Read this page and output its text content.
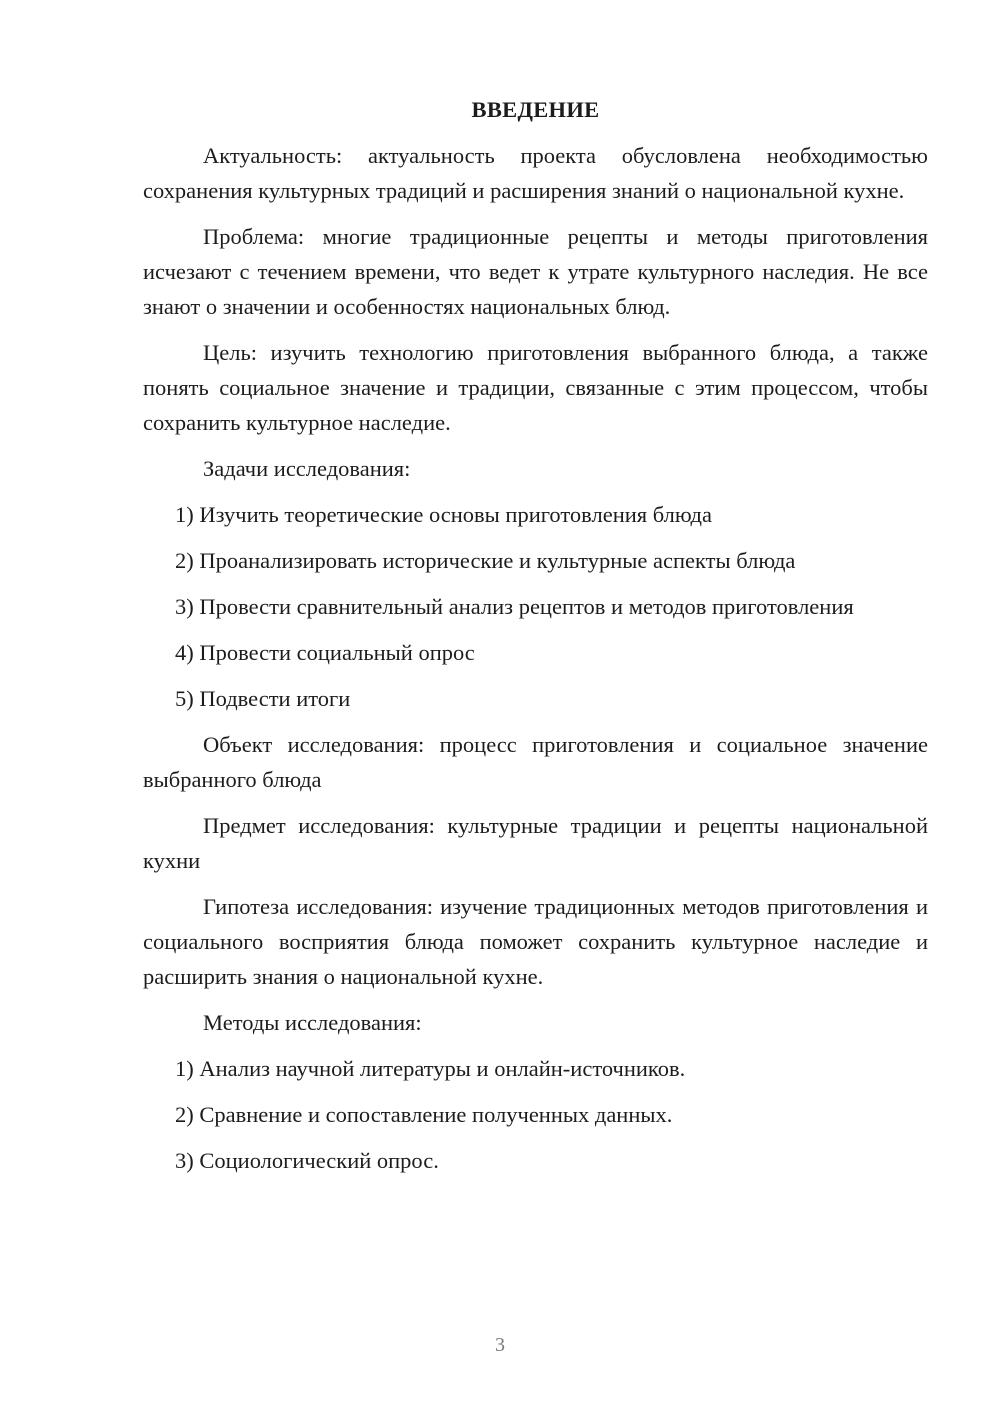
ВВЕДЕНИЕ

Актуальность: актуальность проекта обусловлена необходимостью сохранения культурных традиций и расширения знаний о национальной кухне.

Проблема: многие традиционные рецепты и методы приготовления исчезают с течением времени, что ведет к утрате культурного наследия. Не все знают о значении и особенностях национальных блюд.

Цель: изучить технологию приготовления выбранного блюда, а также понять социальное значение и традиции, связанные с этим процессом, чтобы сохранить культурное наследие.

Задачи исследования:

1) Изучить теоретические основы приготовления блюда

2) Проанализировать исторические и культурные аспекты блюда

3) Провести сравнительный анализ рецептов и методов приготовления

4) Провести социальный опрос

5) Подвести итоги

Объект исследования: процесс приготовления и социальное значение выбранного блюда

Предмет исследования: культурные традиции и рецепты национальной кухни

Гипотеза исследования: изучение традиционных методов приготовления и социального восприятия блюда поможет сохранить культурное наследие и расширить знания о национальной кухне.

Методы исследования:

1) Анализ научной литературы и онлайн-источников.

2) Сравнение и сопоставление полученных данных.

3) Социологический опрос.

3
